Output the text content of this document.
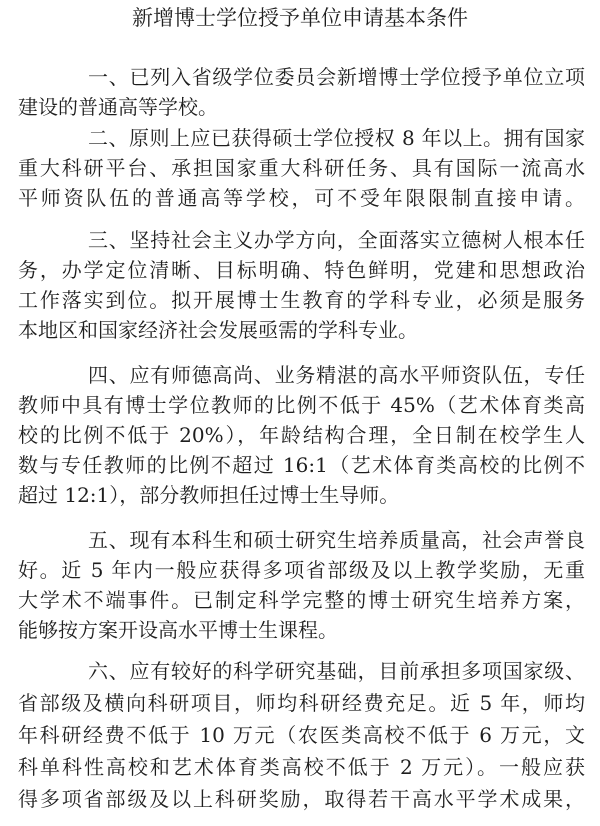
新增博士学位授予单位申请基本条件
一、已列入省级学位委员会新增博士学位授予单位立项
建设的普通高等学校。
二、原则上应已获得硕士学位授权 8 年以上。拥有国家
重大科研平台、承担国家重大科研任务、具有国际一流高水
平师资队伍的普通高等学校，可不受年限限制直接申请。
三、坚持社会主义办学方向，全面落实立德树人根本任
务，办学定位清晰、目标明确、特色鲜明，党建和思想政治
工作落实到位。拟开展博士生教育的学科专业，必须是服务
本地区和国家经济社会发展亟需的学科专业。
四、应有师德高尚、业务精湛的高水平师资队伍，专任
教师中具有博士学位教师的比例不低于 45%（艺术体育类高
校的比例不低于 20%），年龄结构合理，全日制在校学生人
数与专任教师的比例不超过 16:1（艺术体育类高校的比例不
超过 12:1），部分教师担任过博士生导师。
五、现有本科生和硕士研究生培养质量高，社会声誉良
好。近 5 年内一般应获得多项省部级及以上教学奖励，无重
大学术不端事件。已制定科学完整的博士研究生培养方案，
能够按方案开设高水平博士生课程。
六、应有较好的科学研究基础，目前承担多项国家级、
省部级及横向科研项目，师均科研经费充足。近 5 年，师均
年科研经费不低于 10 万元（农医类高校不低于 6 万元，文
科单科性高校和艺术体育类高校不低于 2 万元）。一般应获
得多项省部级及以上科研奖励，取得若干高水平学术成果，
